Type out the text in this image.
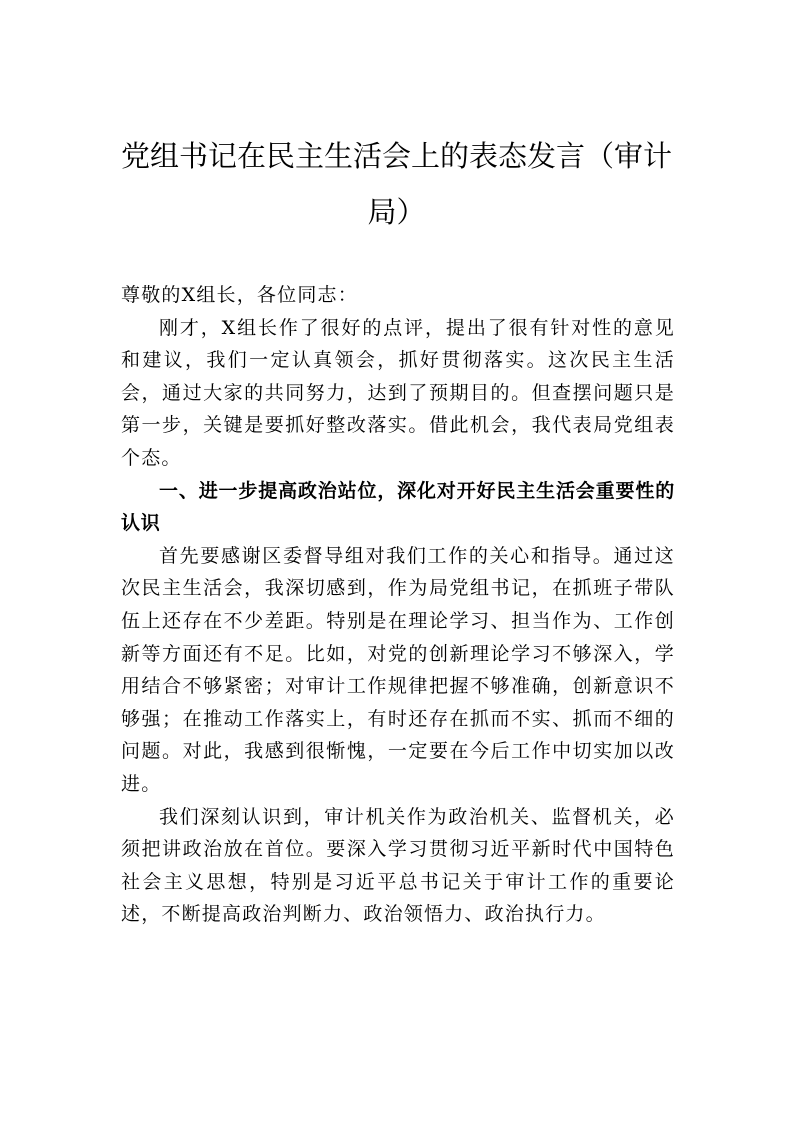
党组书记在民主生活会上的表态发言（审计局）

尊敬的X组长，各位同志：

刚才，X组长作了很好的点评，提出了很有针对性的意见和建议，我们一定认真领会，抓好贯彻落实。这次民主生活会，通过大家的共同努力，达到了预期目的。但查摆问题只是第一步，关键是要抓好整改落实。借此机会，我代表局党组表个态。

一、进一步提高政治站位，深化对开好民主生活会重要性的认识

首先要感谢区委督导组对我们工作的关心和指导。通过这次民主生活会，我深切感到，作为局党组书记，在抓班子带队伍上还存在不少差距。特别是在理论学习、担当作为、工作创新等方面还有不足。比如，对党的创新理论学习不够深入，学用结合不够紧密；对审计工作规律把握不够准确，创新意识不够强；在推动工作落实上，有时还存在抓而不实、抓而不细的问题。对此，我感到很惭愧，一定要在今后工作中切实加以改进。

我们深刻认识到，审计机关作为政治机关、监督机关，必须把讲政治放在首位。要深入学习贯彻习近平新时代中国特色社会主义思想，特别是习近平总书记关于审计工作的重要论述，不断提高政治判断力、政治领悟力、政治执行力。
